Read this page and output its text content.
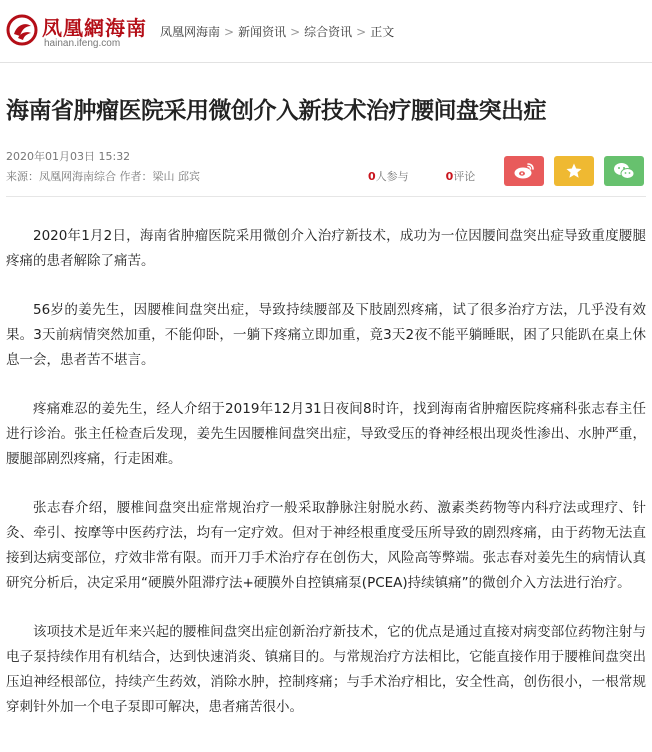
凤凰網海南
hainan.ifeng.com
凤凰网海南 > 新闻资讯 > 综合资讯 > 正文
海南省肿瘤医院采用微创介入新技术治疗腰间盘突出症
2020年01月03日 15:32
来源：凤凰网海南综合 作者：梁山 邱宾	0人参与	0评论

2020年1月2日，海南省肿瘤医院采用微创介入治疗新技术，成功为一位因腰间盘突出症导致重度腰腿疼痛的患者解除了痛苦。

56岁的姜先生，因腰椎间盘突出症，导致持续腰部及下肢剧烈疼痛，试了很多治疗方法，几乎没有效果。3天前病情突然加重，不能仰卧，一躺下疼痛立即加重，竟3天2夜不能平躺睡眠，困了只能趴在桌上休息一会，患者苦不堪言。

疼痛难忍的姜先生，经人介绍于2019年12月31日夜间8时许，找到海南省肿瘤医院疼痛科张志春主任进行诊治。张主任检查后发现，姜先生因腰椎间盘突出症，导致受压的脊神经根出现炎性渗出、水肿严重，腰腿部剧烈疼痛，行走困难。

张志春介绍，腰椎间盘突出症常规治疗一般采取静脉注射脱水药、激素类药物等内科疗法或理疗、针灸、牵引、按摩等中医药疗法，均有一定疗效。但对于神经根重度受压所导致的剧烈疼痛，由于药物无法直接到达病变部位，疗效非常有限。而开刀手术治疗存在创伤大，风险高等弊端。张志春对姜先生的病情认真研究分析后，决定采用“硬膜外阻滞疗法+硬膜外自控镇痛泵(PCEA)持续镇痛”的微创介入方法进行治疗。

该项技术是近年来兴起的腰椎间盘突出症创新治疗新技术，它的优点是通过直接对病变部位药物注射与电子泵持续作用有机结合，达到快速消炎、镇痛目的。与常规治疗方法相比，它能直接作用于腰椎间盘突出压迫神经根部位，持续产生药效，消除水肿，控制疼痛；与手术治疗相比，安全性高，创伤很小，一根常规穿刺针外加一个电子泵即可解决，患者痛苦很小。
